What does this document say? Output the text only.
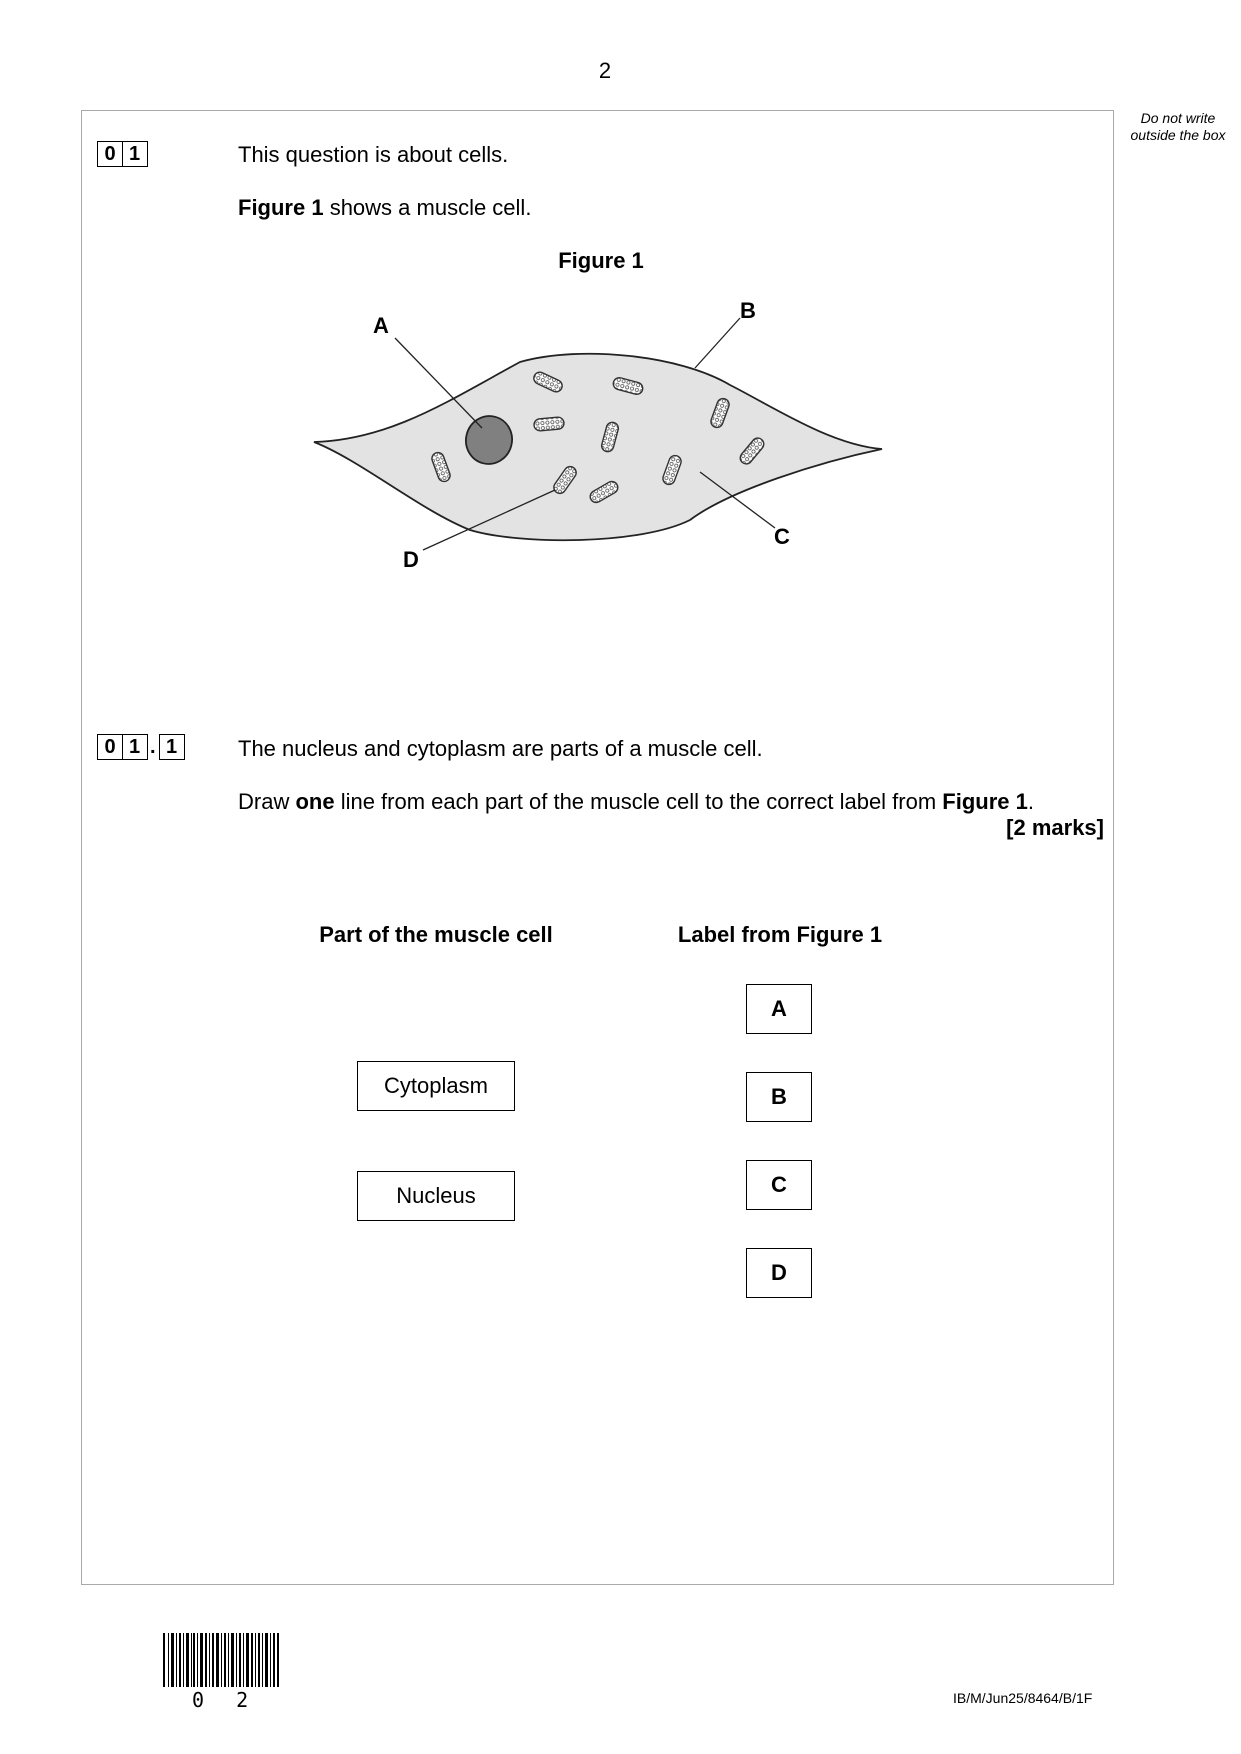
2
Do not write outside the box
0 1	This question is about cells.
Figure 1 shows a muscle cell.
Figure 1
A
B
C
D
0 1 . 1	The nucleus and cytoplasm are parts of a muscle cell.
Draw one line from each part of the muscle cell to the correct label from Figure 1.
[2 marks]
Part of the muscle cell	Label from Figure 1
Cytoplasm
Nucleus
A
B
C
D
0 2	IB/M/Jun25/8464/B/1F
